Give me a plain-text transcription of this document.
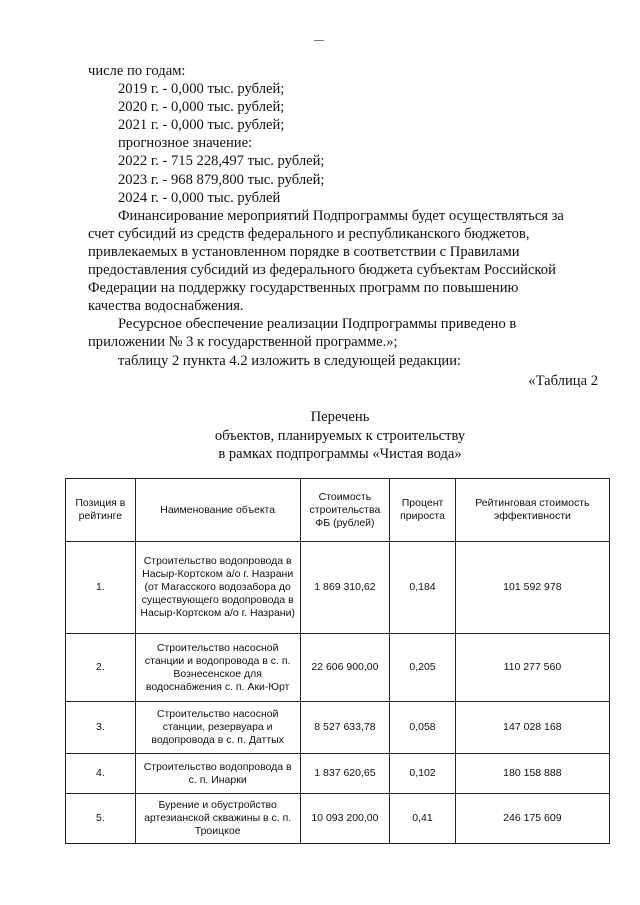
числе по годам:
2019 г. - 0,000 тыс. рублей;
2020 г. - 0,000 тыс. рублей;
2021 г. - 0,000 тыс. рублей;
прогнозное значение:
2022 г. - 715 228,497 тыс. рублей;
2023 г. - 968 879,800 тыс. рублей;
2024 г. - 0,000 тыс. рублей
Финансирование мероприятий Подпрограммы будет осуществляться за
счет субсидий из средств федерального и республиканского бюджетов,
привлекаемых в установленном порядке в соответствии с Правилами
предоставления субсидий из федерального бюджета субъектам Российской
Федерации на поддержку государственных программ по повышению
качества водоснабжения.
Ресурсное обеспечение реализации Подпрограммы приведено в
приложении № 3 к государственной программе.»;
таблицу 2 пункта 4.2 изложить в следующей редакции:
«Таблица 2
Перечень
объектов, планируемых к строительству
в рамках подпрограммы «Чистая вода»
Позиция в рейтинге	Наименование объекта	Стоимость строительства ФБ (рублей)	Процент прироста	Рейтинговая стоимость эффективности
1.	Строительство водопровода в Насыр-Кортском а/о г. Назрани (от Магасского водозабора до существующего водопровода в Насыр-Кортском а/о г. Назрани)	1 869 310,62	0,184	101 592 978
2.	Строительство насосной станции и водопровода в с. п. Вознесенское для водоснабжения с. п. Аки-Юрт	22 606 900,00	0,205	110 277 560
3.	Строительство насосной станции, резервуара и водопровода в с. п. Даттых	8 527 633,78	0,058	147 028 168
4.	Строительство водопровода в с. п. Инарки	1 837 620,65	0,102	180 158 888
5.	Бурение и обустройство артезианской скважины в с. п. Троицкое	10 093 200,00	0,41	246 175 609
